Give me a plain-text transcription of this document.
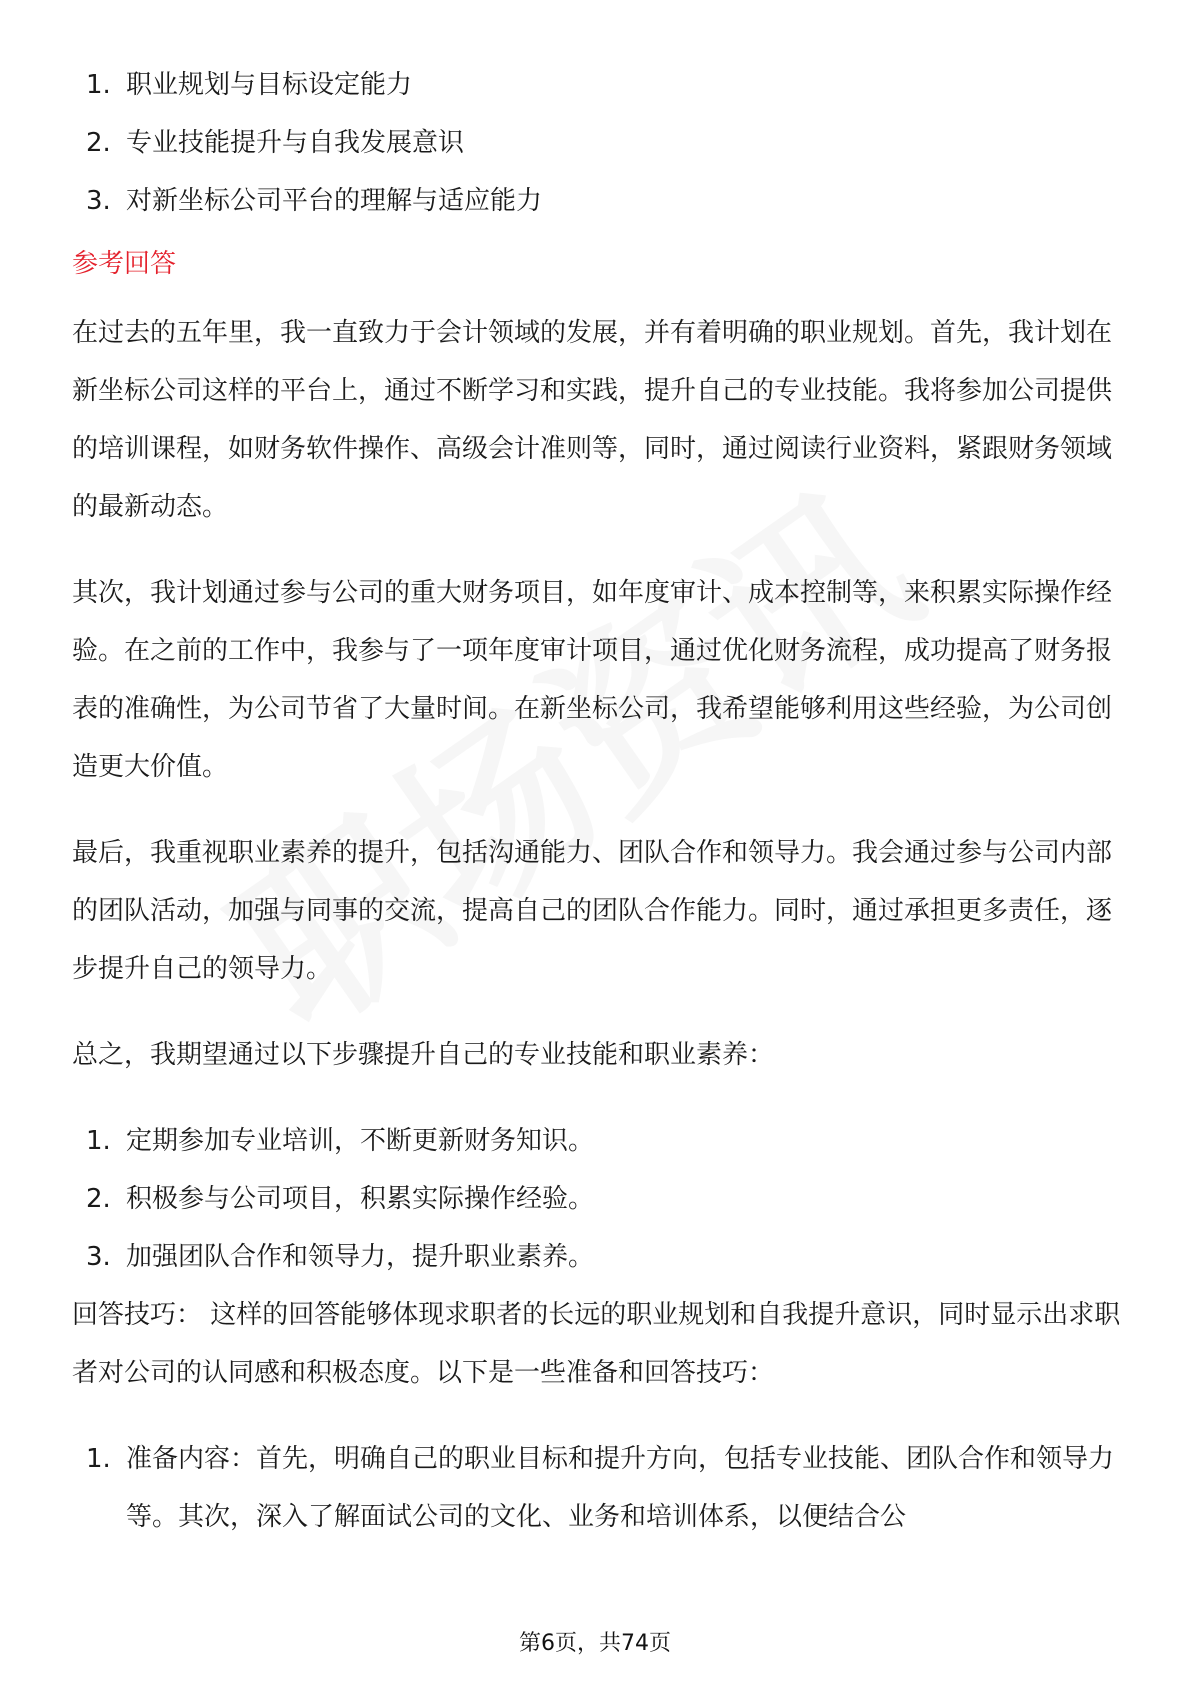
1. 职业规划与目标设定能力
2. 专业技能提升与自我发展意识
3. 对新坐标公司平台的理解与适应能力
参考回答

在过去的五年里，我一直致力于会计领域的发展，并有着明确的职业规划。首先，我计划在新坐标公司这样的平台上，通过不断学习和实践，提升自己的专业技能。我将参加公司提供的培训课程，如财务软件操作、高级会计准则等，同时，通过阅读行业资料，紧跟财务领域的最新动态。

其次，我计划通过参与公司的重大财务项目，如年度审计、成本控制等，来积累实际操作经验。在之前的工作中，我参与了一项年度审计项目，通过优化财务流程，成功提高了财务报表的准确性，为公司节省了大量时间。在新坐标公司，我希望能够利用这些经验，为公司创造更大价值。

最后，我重视职业素养的提升，包括沟通能力、团队合作和领导力。我会通过参与公司内部的团队活动，加强与同事的交流，提高自己的团队合作能力。同时，通过承担更多责任，逐步提升自己的领导力。

总之，我期望通过以下步骤提升自己的专业技能和职业素养：

1. 定期参加专业培训，不断更新财务知识。
2. 积极参与公司项目，积累实际操作经验。
3. 加强团队合作和领导力，提升职业素养。

回答技巧： 这样的回答能够体现求职者的长远的职业规划和自我提升意识，同时显示出求职者对公司的认同感和积极态度。以下是一些准备和回答技巧：

1. 准备内容：首先，明确自己的职业目标和提升方向，包括专业技能、团队合作和领导力等。其次，深入了解面试公司的文化、业务和培训体系，以便结合公
第6页，共74页
